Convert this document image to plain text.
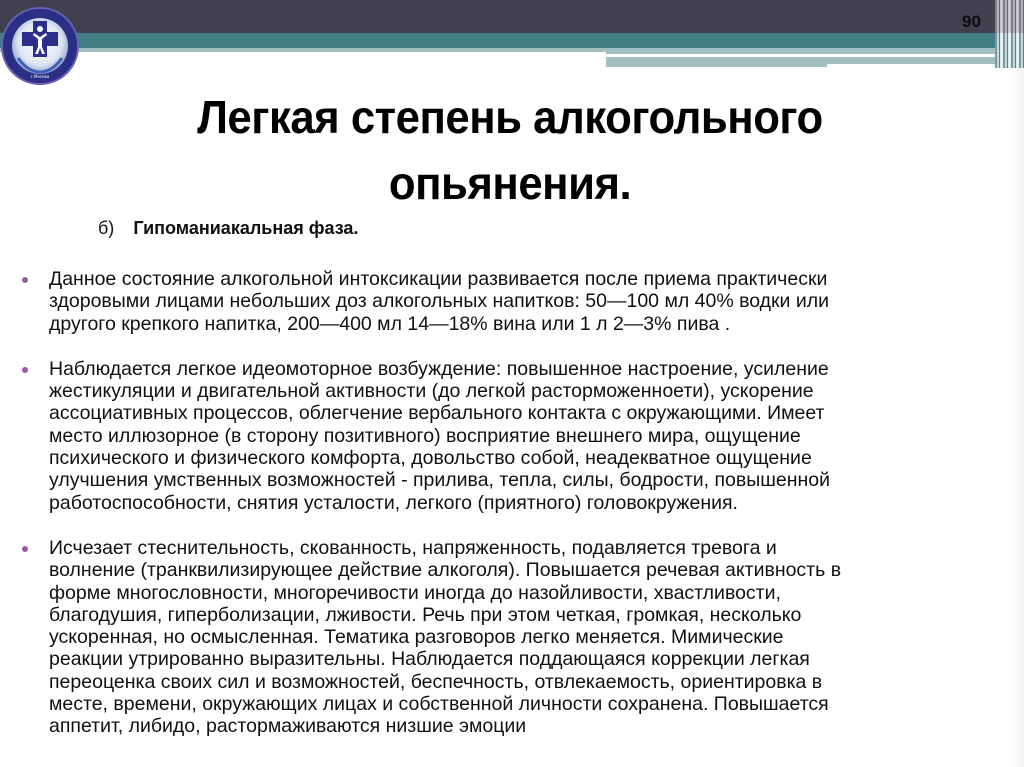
90
г.Москва
Легкая степень алкогольного
опьянения.
б) Гипоманиакальная фаза.
Данное состояние алкогольной интоксикации развивается после приема практически
здоровыми лицами небольших доз алкогольных напитков: 50—100 мл 40% водки или
другого крепкого напитка, 200—400 мл 14—18% вина или 1 л 2—3% пива .
Наблюдается легкое идеомоторное возбуждение: повышенное настроение, усиление
жестикуляции и двигательной активности (до легкой расторможенноети), ускорение
ассоциативных процессов, облегчение вербального контакта с окружающими. Имеет
место иллюзорное (в сторону позитивного) восприятие внешнего мира, ощущение
психического и физического комфорта, довольство собой, неадекватное ощущение
улучшения умственных возможностей - прилива, тепла, силы, бодрости, повышенной
работоспособности, снятия усталости, легкого (приятного) головокружения.
Исчезает стеснительность, скованность, напряженность, подавляется тревога и
волнение (транквилизирующее действие алкоголя). Повышается речевая активность в
форме многословности, многоречивости иногда до назойливости, хвастливости,
благодушия, гиперболизации, лживости. Речь при этом четкая, громкая, несколько
ускоренная, но осмысленная. Тематика разговоров легко меняется. Мимические
реакции утрированно выразительны. Наблюдается поддающаяся коррекции легкая
переоценка своих сил и возможностей, беспечность, отвлекаемость, ориентировка в
месте, времени, окружающих лицах и собственной личности сохранена. Повышается
аппетит, либидо, растормаживаются низшие эмоции
